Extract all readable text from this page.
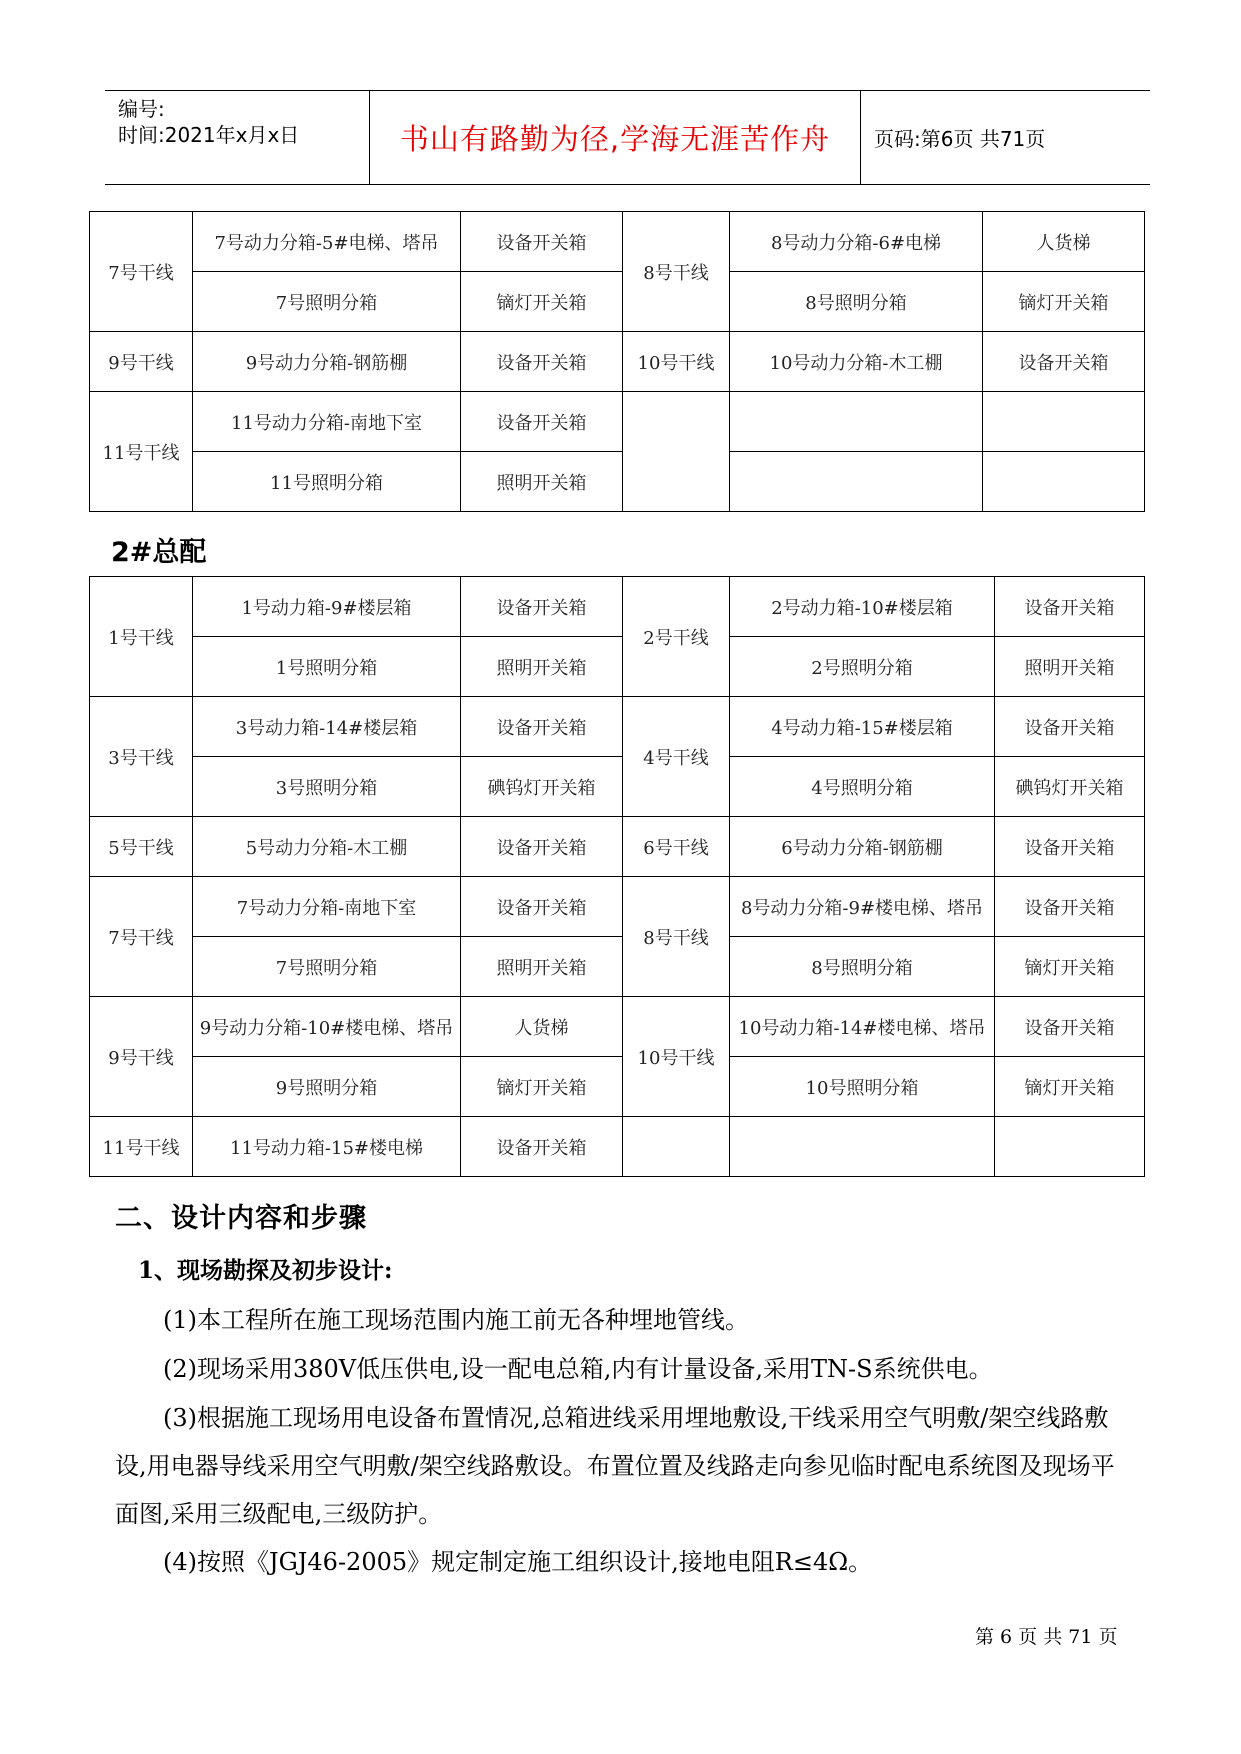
编号:
时间:2021年x月x日	书山有路勤为径,学海无涯苦作舟 页码:第6页 共71页
7号干线	7号动力分箱-5#电梯、塔吊	设备开关箱	8号干线	8号动力分箱-6#电梯	人货梯
	7号照明分箱	镝灯开关箱		8号照明分箱	镝灯开关箱
9号干线	9号动力分箱-钢筋棚	设备开关箱	10号干线	10号动力分箱-木工棚	设备开关箱
11号干线	11号动力分箱-南地下室	设备开关箱			
	11号照明分箱	照明开关箱			
2#总配
1号干线	1号动力箱-9#楼层箱	设备开关箱	2号干线	2号动力箱-10#楼层箱	设备开关箱
	1号照明分箱	照明开关箱		2号照明分箱	照明开关箱
3号干线	3号动力箱-14#楼层箱	设备开关箱	4号干线	4号动力箱-15#楼层箱	设备开关箱
	3号照明分箱	碘钨灯开关箱		4号照明分箱	碘钨灯开关箱
5号干线	5号动力分箱-木工棚	设备开关箱	6号干线	6号动力分箱-钢筋棚	设备开关箱
7号干线	7号动力分箱-南地下室	设备开关箱	8号干线	8号动力分箱-9#楼电梯、塔吊	设备开关箱
	7号照明分箱	照明开关箱		8号照明分箱	镝灯开关箱
9号干线	9号动力分箱-10#楼电梯、塔吊	人货梯	10号干线	10号动力箱-14#楼电梯、塔吊	设备开关箱
	9号照明分箱	镝灯开关箱		10号照明分箱	镝灯开关箱
11号干线	11号动力箱-15#楼电梯	设备开关箱			
二、设计内容和步骤
1、现场勘探及初步设计:

(1)本工程所在施工现场范围内施工前无各种埋地管线。

(2)现场采用380V低压供电,设一配电总箱,内有计量设备,采用TN-S系统供电。

(3)根据施工现场用电设备布置情况,总箱进线采用埋地敷设,干线采用空气明敷/架空线路敷设,用电器导线采用空气明敷/架空线路敷设。布置位置及线路走向参见临时配电系统图及现场平面图,采用三级配电,三级防护。

(4)按照《JGJ46-2005》规定制定施工组织设计,接地电阻R≤4Ω。

第 6 页 共 71 页
